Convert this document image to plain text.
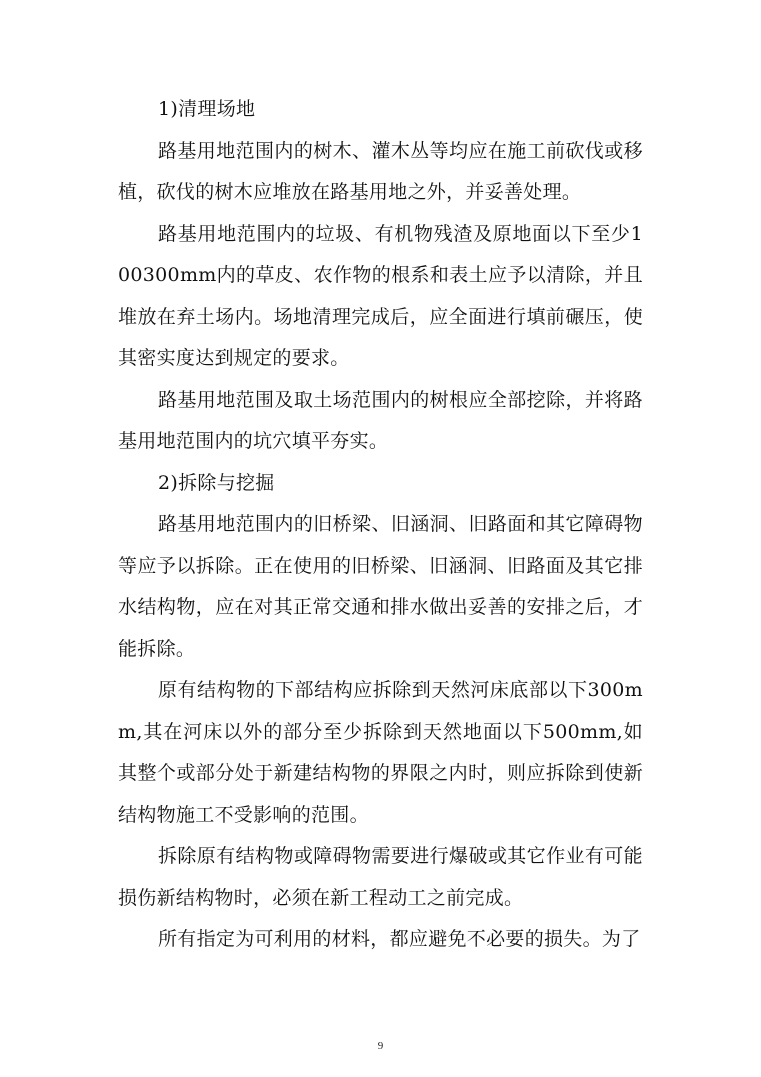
1)清理场地

路基用地范围内的树木、灌木丛等均应在施工前砍伐或移植，砍伐的树木应堆放在路基用地之外，并妥善处理。

路基用地范围内的垃圾、有机物残渣及原地面以下至少100300mm内的草皮、农作物的根系和表土应予以清除，并且堆放在弃土场内。场地清理完成后，应全面进行填前碾压，使其密实度达到规定的要求。

路基用地范围及取土场范围内的树根应全部挖除，并将路基用地范围内的坑穴填平夯实。

2)拆除与挖掘

路基用地范围内的旧桥梁、旧涵洞、旧路面和其它障碍物等应予以拆除。正在使用的旧桥梁、旧涵洞、旧路面及其它排水结构物，应在对其正常交通和排水做出妥善的安排之后，才能拆除。

原有结构物的下部结构应拆除到天然河床底部以下300mm,其在河床以外的部分至少拆除到天然地面以下500mm,如其整个或部分处于新建结构物的界限之内时，则应拆除到使新结构物施工不受影响的范围。

拆除原有结构物或障碍物需要进行爆破或其它作业有可能损伤新结构物时，必须在新工程动工之前完成。

所有指定为可利用的材料，都应避免不必要的损失。为了

9
